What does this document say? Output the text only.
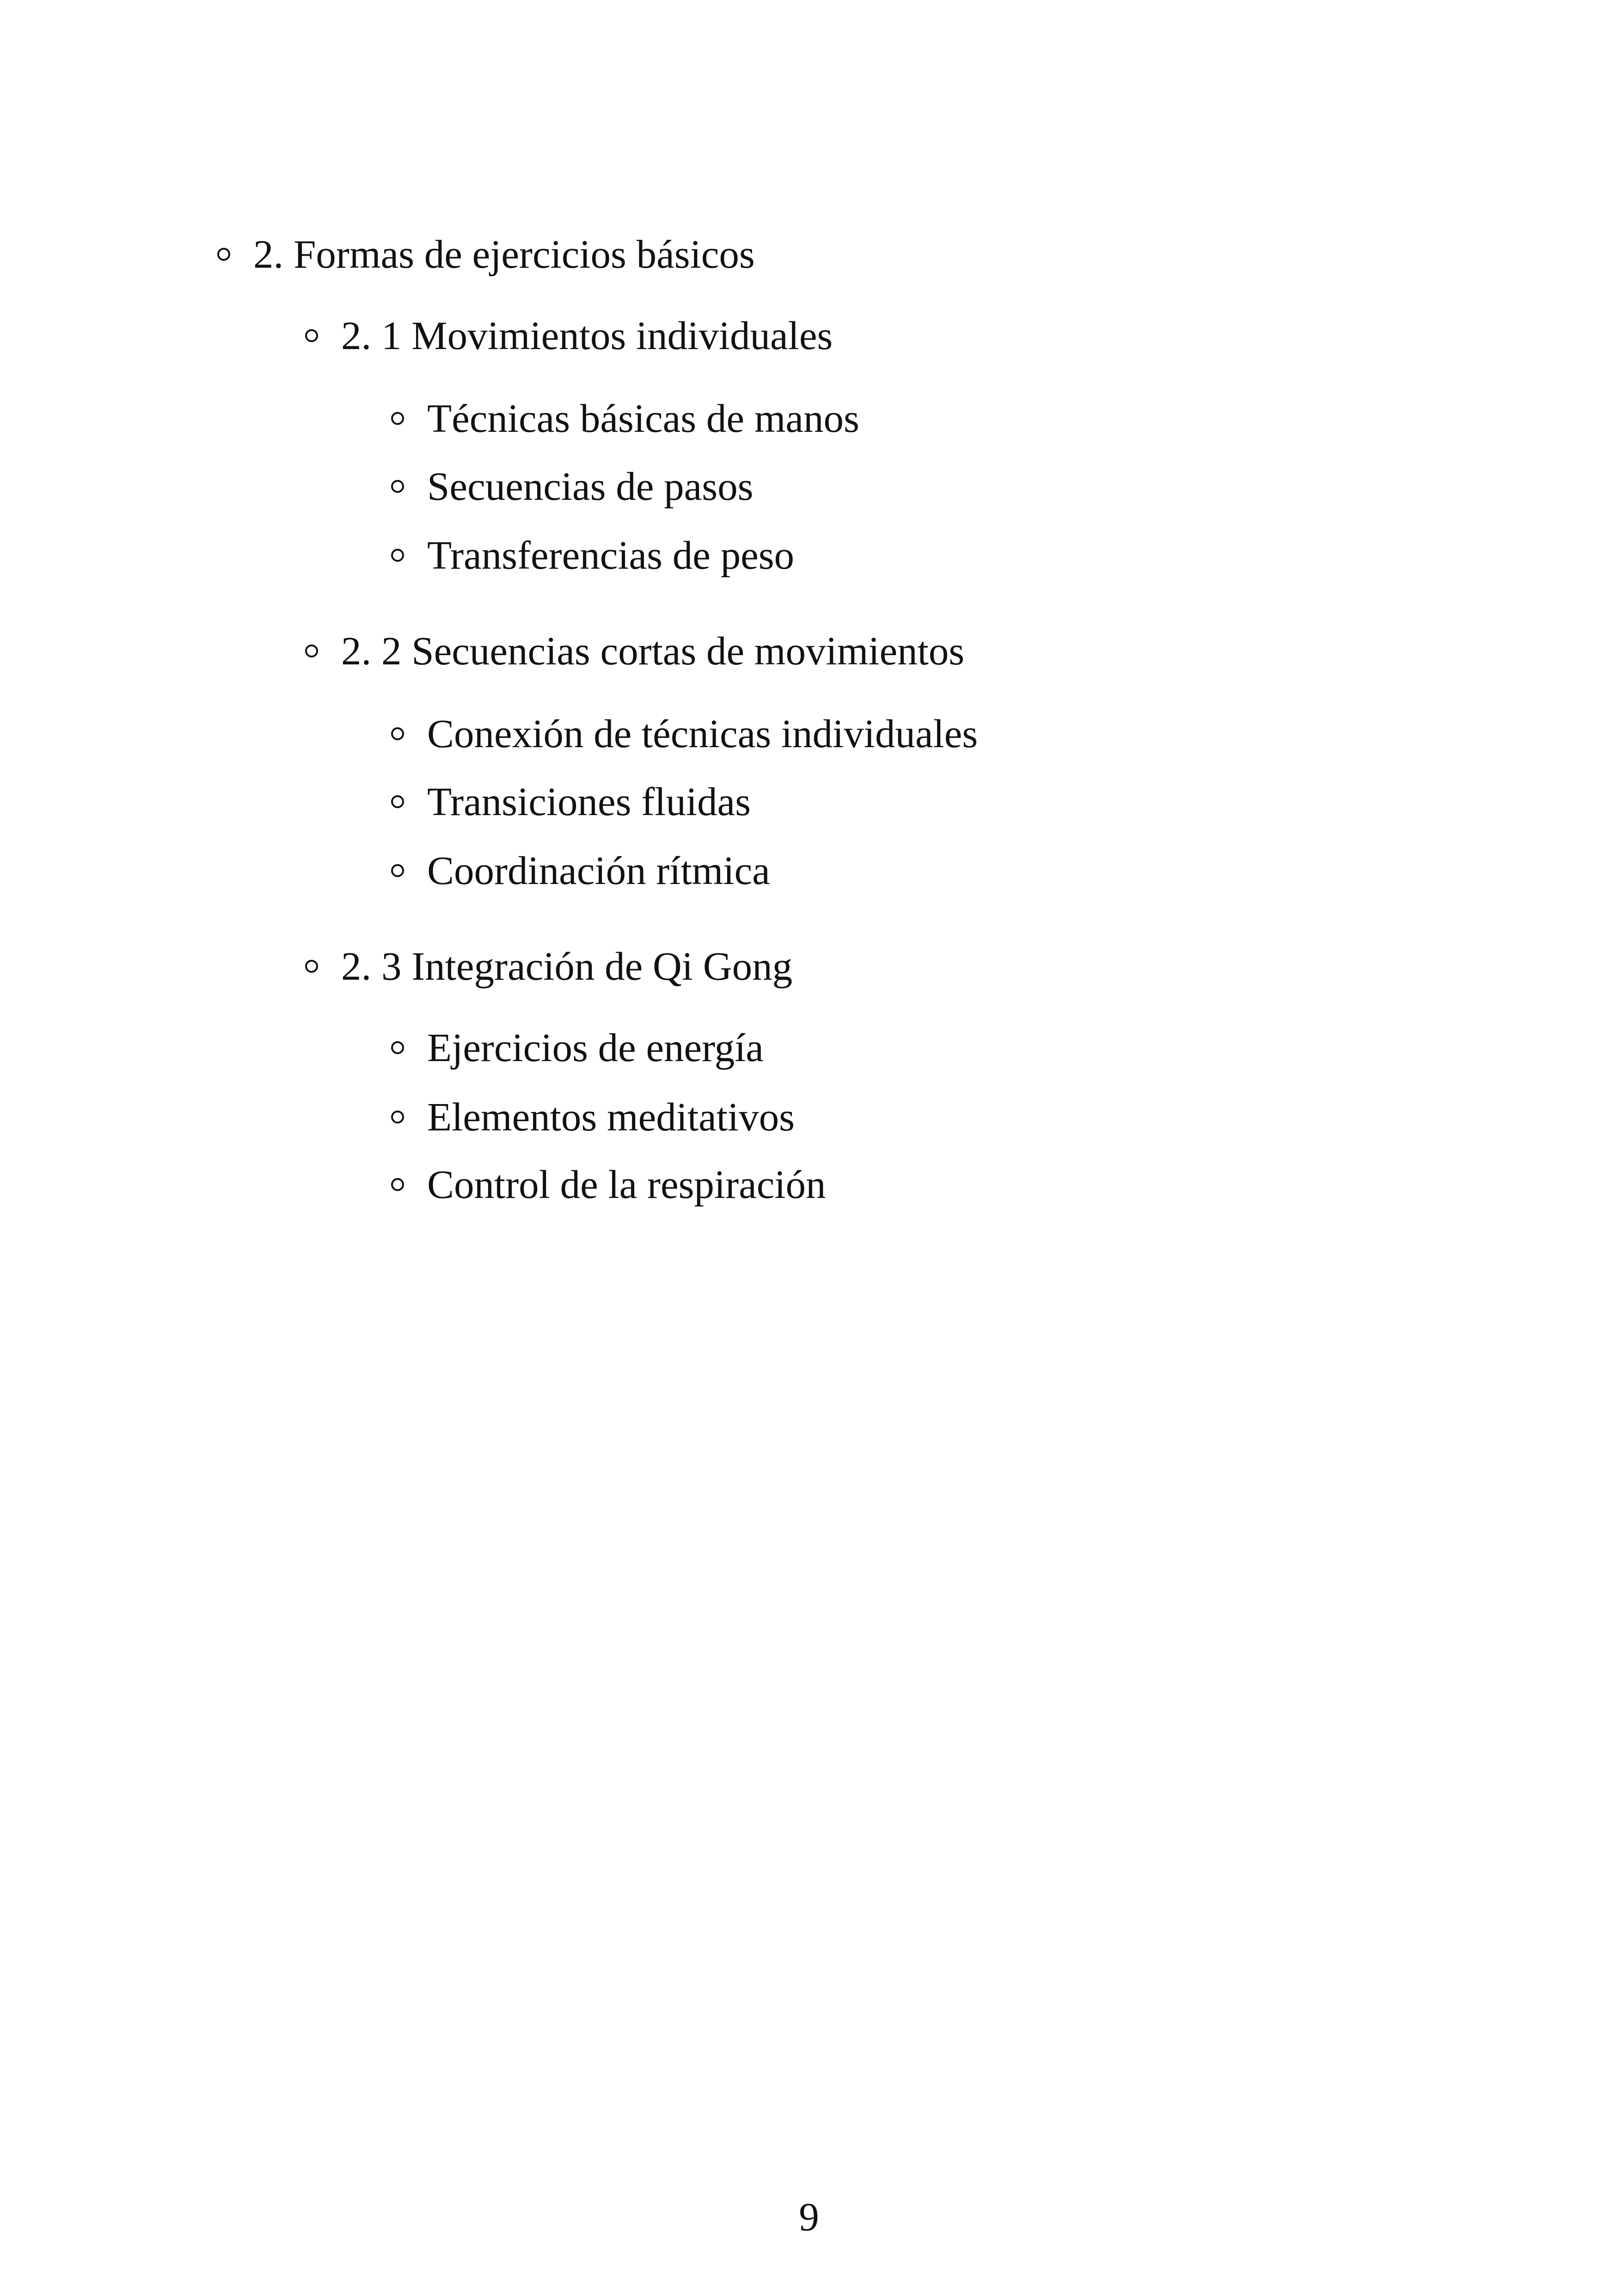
2. Formas de ejercicios básicos
2. 1 Movimientos individuales
Técnicas básicas de manos
Secuencias de pasos
Transferencias de peso
2. 2 Secuencias cortas de movimientos
Conexión de técnicas individuales
Transiciones fluidas
Coordinación rítmica
2. 3 Integración de Qi Gong
Ejercicios de energía
Elementos meditativos
Control de la respiración
9
